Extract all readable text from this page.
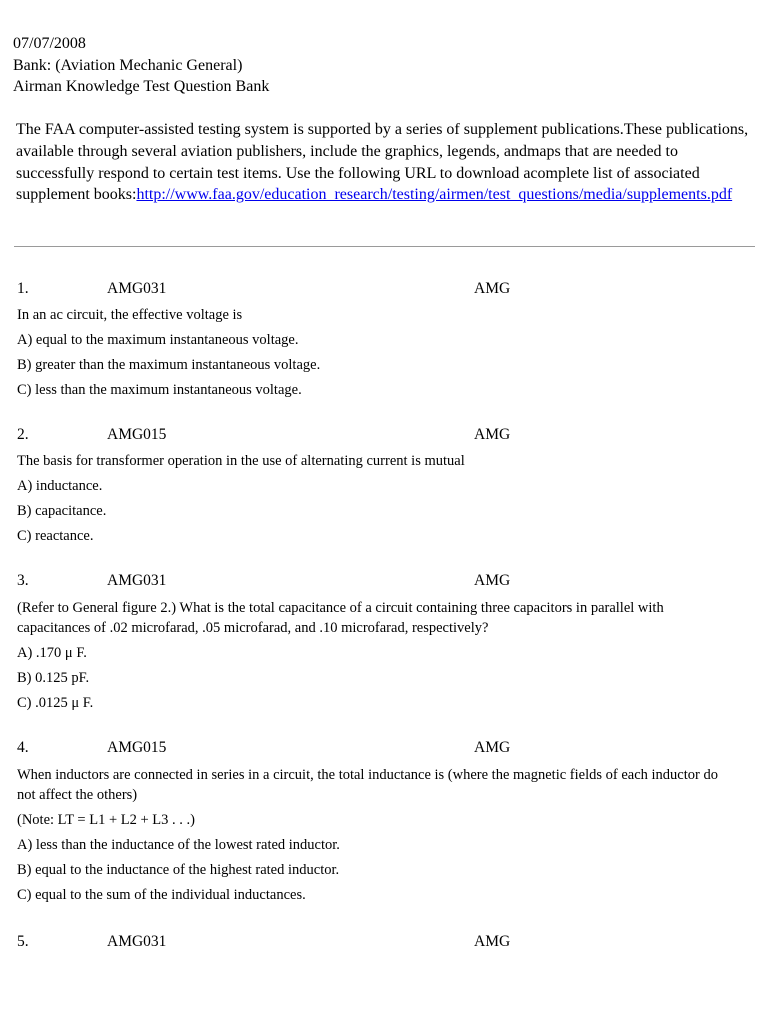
07/07/2008
Bank: (Aviation Mechanic General)
Airman Knowledge Test Question Bank
The FAA computer-assisted testing system is supported by a series of supplement publications.These publications, available through several aviation publishers, include the graphics, legends, andmaps that are needed to successfully respond to certain test items. Use the following URL to download acomplete list of associated supplement books:http://www.faa.gov/education_research/testing/airmen/test_questions/media/supplements.pdf
1.	AMG031	AMG
In an ac circuit, the effective voltage is
A) equal to the maximum instantaneous voltage.
B) greater than the maximum instantaneous voltage.
C) less than the maximum instantaneous voltage.
2.	AMG015	AMG
The basis for transformer operation in the use of alternating current is mutual
A) inductance.
B) capacitance.
C) reactance.
3.	AMG031	AMG
(Refer to General figure 2.) What is the total capacitance of a circuit containing three capacitors in parallel with capacitances of .02 microfarad, .05 microfarad, and .10 microfarad, respectively?
A) .170 μ F.
B) 0.125 pF.
C) .0125 μ F.
4.	AMG015	AMG
When inductors are connected in series in a circuit, the total inductance is (where the magnetic fields of each inductor do not affect the others)
(Note: LT = L1 + L2 + L3 . . .)
A) less than the inductance of the lowest rated inductor.
B) equal to the inductance of the highest rated inductor.
C) equal to the sum of the individual inductances.
5.	AMG031	AMG
